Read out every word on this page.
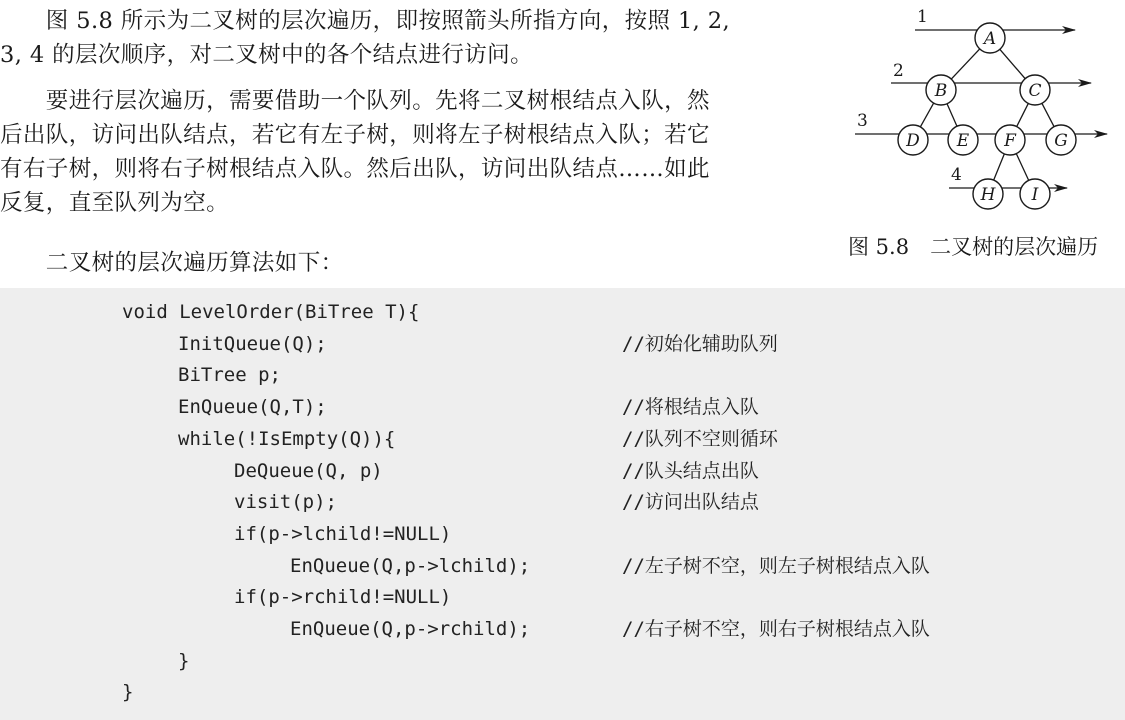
　　图 5.8 所示为二叉树的层次遍历，即按照箭头所指方向，按照 1, 2,
3, 4 的层次顺序，对二叉树中的各个结点进行访问。
　　要进行层次遍历，需要借助一个队列。先将二叉树根结点入队，然
后出队，访问出队结点，若它有左子树，则将左子树根结点入队；若它
有右子树，则将右子树根结点入队。然后出队，访问出队结点……如此
反复，直至队列为空。
　　二叉树的层次遍历算法如下：
1
2
3
4
A
B	C
D E F G
H I
图 5.8　二叉树的层次遍历
void LevelOrder(BiTree T){
InitQueue(Q);	//初始化辅助队列
BiTree p;
EnQueue(Q,T);	//将根结点入队
while(!IsEmpty(Q)){	//队列不空则循环
DeQueue(Q, p)	//队头结点出队
visit(p);	//访问出队结点
if(p->lchild!=NULL)
EnQueue(Q,p->lchild);	//左子树不空，则左子树根结点入队
if(p->rchild!=NULL)
EnQueue(Q,p->rchild);	//右子树不空，则右子树根结点入队
}
}
